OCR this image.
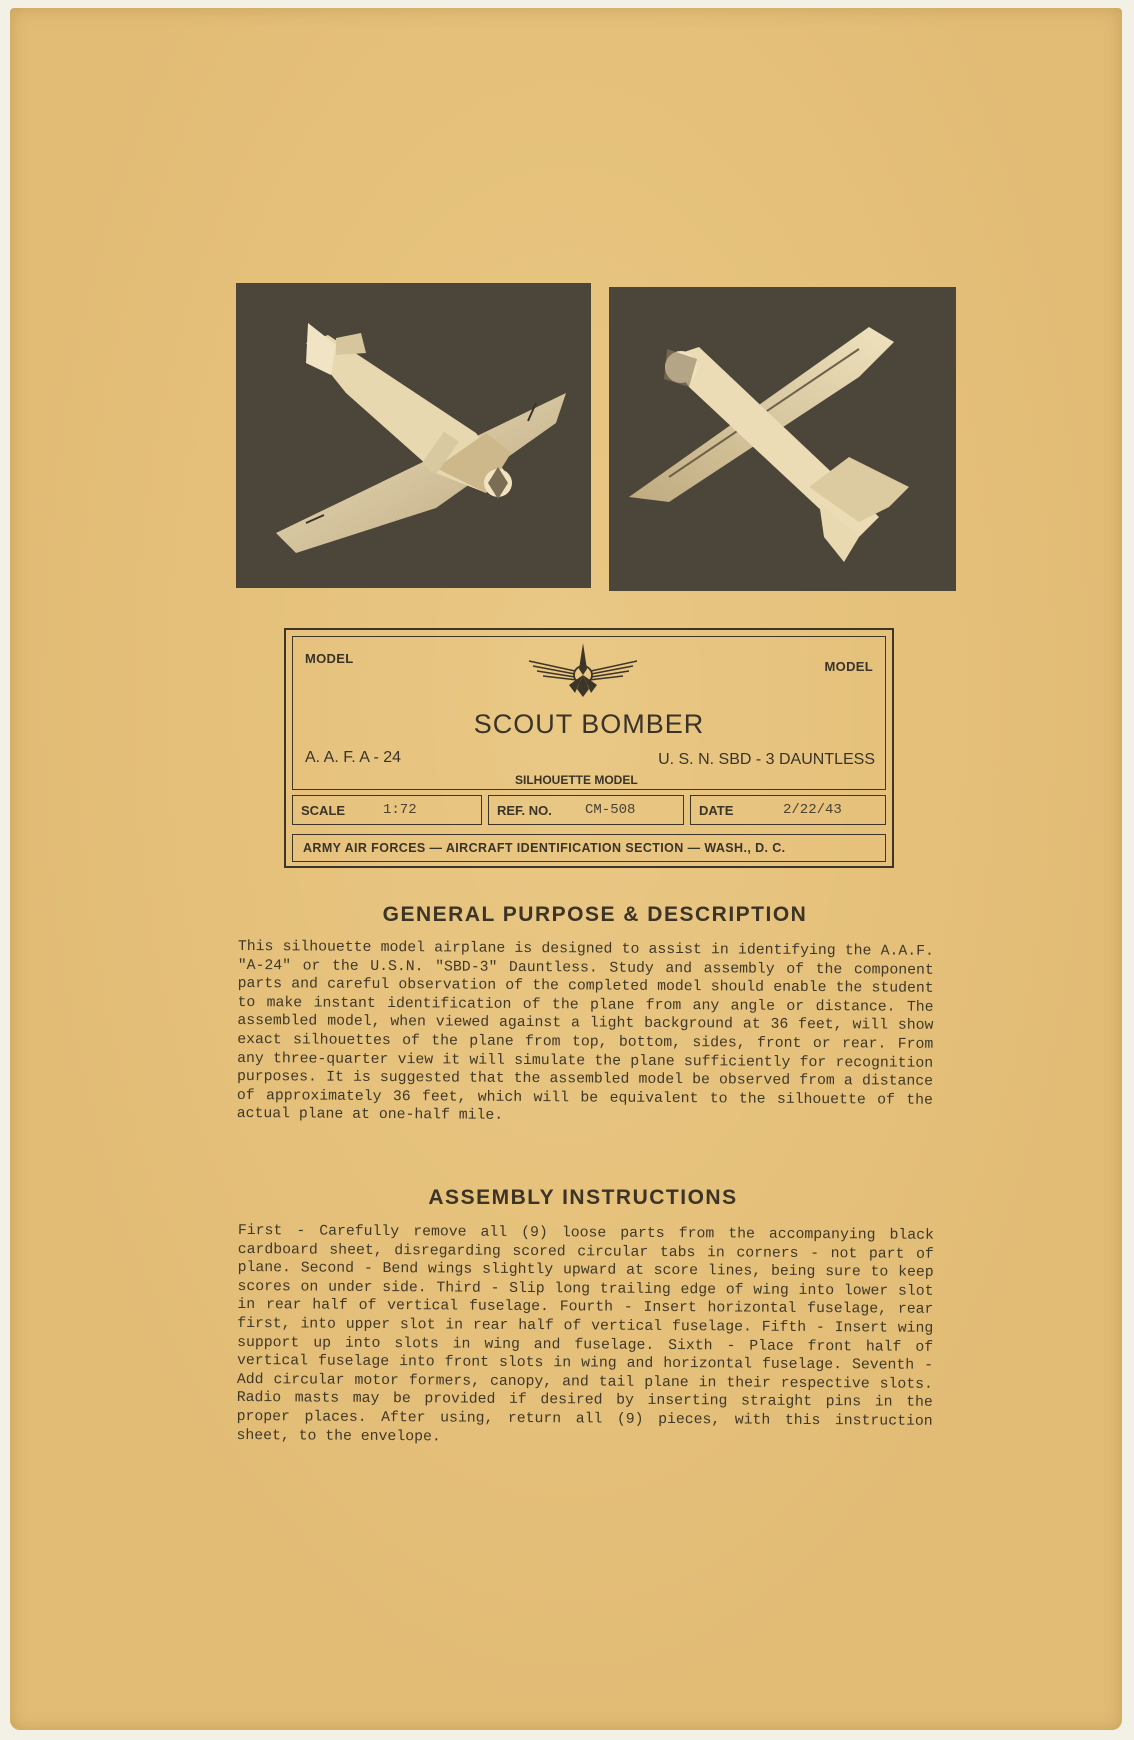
MODEL
MODEL
SCOUT BOMBER
A. A. F. A - 24	U. S. N. SBD - 3 DAUNTLESS
SILHOUETTE MODEL
SCALE	1:72	REF. NO. CM-508	DATE	2/22/43
ARMY AIR FORCES — AIRCRAFT IDENTIFICATION SECTION — WASH., D. C.
GENERAL PURPOSE & DESCRIPTION
This silhouette model airplane is designed to assist in identifying the A.A.F. "A-24" or the U.S.N. "SBD-3" Dauntless. Study and assembly of the component parts and careful observation of the completed model should enable the student to make instant identification of the plane from any angle or distance. The assembled model, when viewed against a light background at 36 feet, will show exact silhouettes of the plane from top, bottom, sides, front or rear. From any three-quarter view it will simulate the plane sufficiently for recognition purposes. It is suggested that the assembled model be observed from a distance of approximately 36 feet, which will be equivalent to the silhouette of the actual plane at one-half mile.
ASSEMBLY INSTRUCTIONS
First - Carefully remove all (9) loose parts from the accompanying black cardboard sheet, disregarding scored circular tabs in corners - not part of plane. Second - Bend wings slightly upward at score lines, being sure to keep scores on under side. Third - Slip long trailing edge of wing into lower slot in rear half of vertical fuselage. Fourth - Insert horizontal fuselage, rear first, into upper slot in rear half of vertical fuselage. Fifth - Insert wing support up into slots in wing and fuselage. Sixth - Place front half of vertical fuselage into front slots in wing and horizontal fuselage. Seventh - Add circular motor formers, canopy, and tail plane in their respective slots. Radio masts may be provided if desired by inserting straight pins in the proper places. After using, return all (9) pieces, with this instruction sheet, to the envelope.
